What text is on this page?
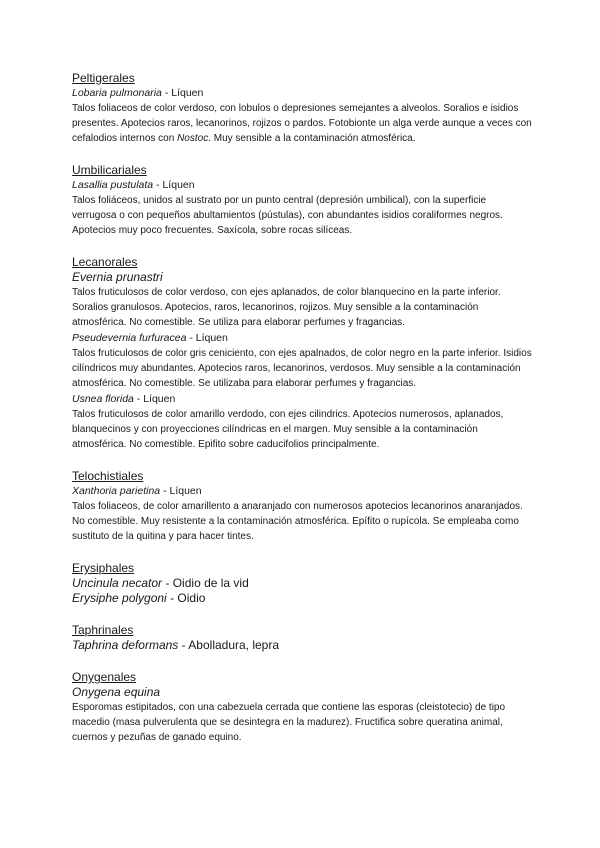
Peltigerales

Lobaria pulmonaria - Líquen

Talos foliaceos de color verdoso, con lobulos o depresiones semejantes a alveolos. Soralios e isidios presentes. Apotecios raros, lecanorinos, rojizos o pardos. Fotobionte un alga verde aunque a veces con cefalodios internos con Nostoc. Muy sensible a la contaminación atmosférica.

Umbilicariales

Lasallia pustulata - Líquen

Talos foliáceos, unidos al sustrato por un punto central (depresión umbilical), con la superficie verrugosa o con pequeños abultamientos (pústulas), con abundantes isidios coraliformes negros. Apotecios muy poco frecuentes. Saxícola, sobre rocas silíceas.

Lecanorales

Evernia prunastri

Talos fruticulosos de color verdoso, con ejes aplanados, de color blanquecino en la parte inferior. Soralios granulosos. Apotecios, raros, lecanorinos, rojizos. Muy sensible a la contaminación atmosférica. No comestible. Se utiliza para elaborar perfumes y fragancias.

Pseudevernia furfuracea - Líquen

Talos fruticulosos de color gris ceniciento, con ejes apalnados, de color negro en la parte inferior. Isidios cilíndricos muy abundantes. Apotecios raros, lecanorinos, verdosos. Muy sensible a la contaminación atmosférica. No comestible. Se utilizaba para elaborar perfumes y fragancias.

Usnea florida - Líquen

Talos fruticulosos de color amarillo verdodo, con ejes cilindrics. Apotecios numerosos, aplanados, blanquecinos y con proyecciones cilíndricas en el margen. Muy sensible a la contaminación atmosférica. No comestible. Epifito sobre caducifolios principalmente.

Telochistiales

Xanthoria parietina - Líquen

Talos foliaceos, de color amarillento a anaranjado con numerosos apotecios lecanorinos anaranjados. No comestible. Muy resistente a la contaminación atmosférica. Epífito o rupícola. Se empleaba como sustituto de la quitina y para hacer tintes.

Erysiphales

Uncinula necator - Oidio de la vid

Erysiphe polygoni - Oidio

Taphrinales

Taphrina deformans - Abolladura, lepra

Onygenales

Onygena equina

Esporomas estipitados, con una cabezuela cerrada que contiene las esporas (cleistotecio) de tipo macedio (masa pulverulenta que se desintegra en la madurez). Fructifica sobre queratina animal, cuernos y pezuñas de ganado equino.
